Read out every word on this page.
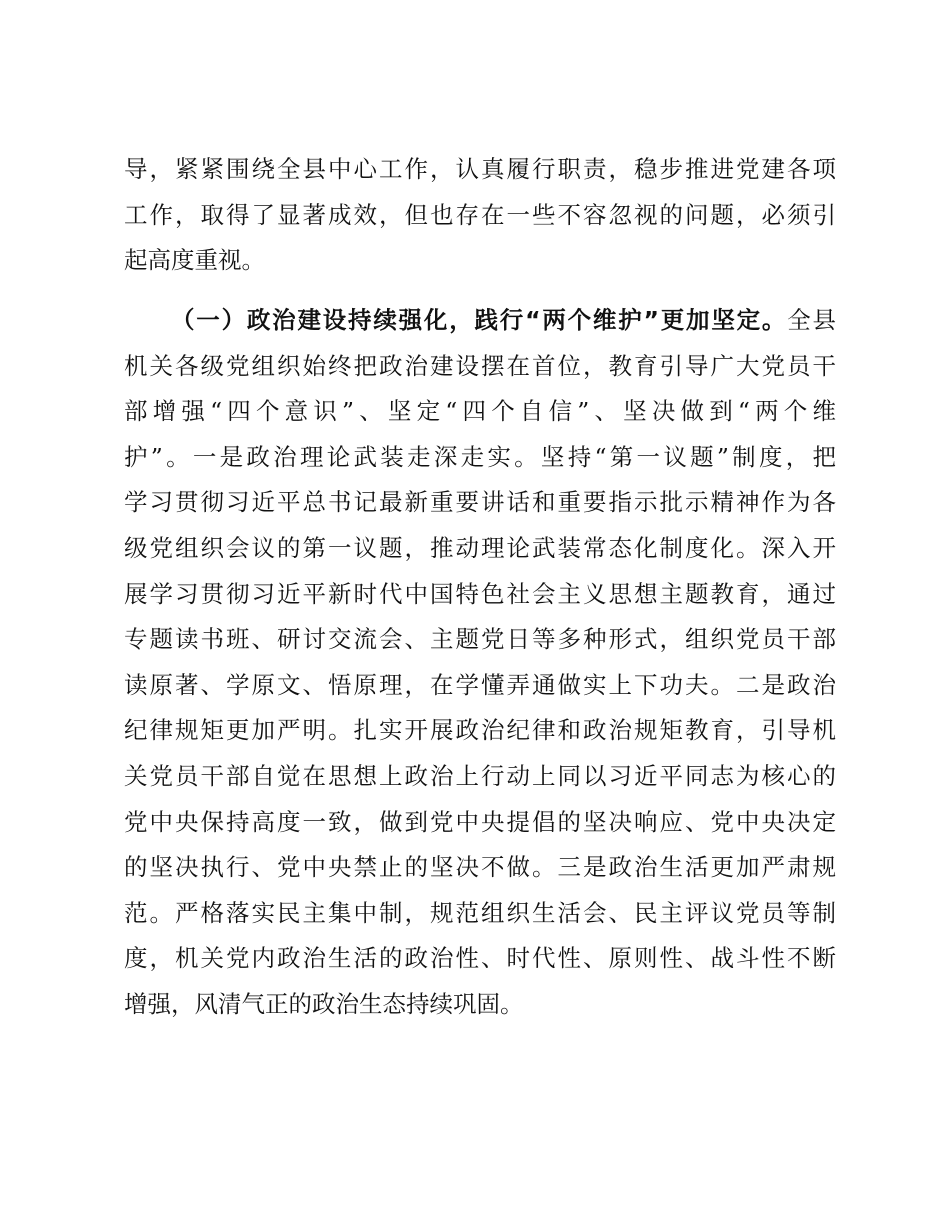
导，紧紧围绕全县中心工作，认真履行职责，稳步推进党建各项
工作，取得了显著成效，但也存在一些不容忽视的问题，必须引
起高度重视。
（一）政治建设持续强化，践行“两个维护”更加坚定。全县
机关各级党组织始终把政治建设摆在首位，教育引导广大党员干
部增强“四个意识”、坚定“四个自信”、坚决做到“两个维
护”。一是政治理论武装走深走实。坚持“第一议题”制度，把
学习贯彻习近平总书记最新重要讲话和重要指示批示精神作为各
级党组织会议的第一议题，推动理论武装常态化制度化。深入开
展学习贯彻习近平新时代中国特色社会主义思想主题教育，通过
专题读书班、研讨交流会、主题党日等多种形式，组织党员干部
读原著、学原文、悟原理，在学懂弄通做实上下功夫。二是政治
纪律规矩更加严明。扎实开展政治纪律和政治规矩教育，引导机
关党员干部自觉在思想上政治上行动上同以习近平同志为核心的
党中央保持高度一致，做到党中央提倡的坚决响应、党中央决定
的坚决执行、党中央禁止的坚决不做。三是政治生活更加严肃规
范。严格落实民主集中制，规范组织生活会、民主评议党员等制
度，机关党内政治生活的政治性、时代性、原则性、战斗性不断
增强，风清气正的政治生态持续巩固。
